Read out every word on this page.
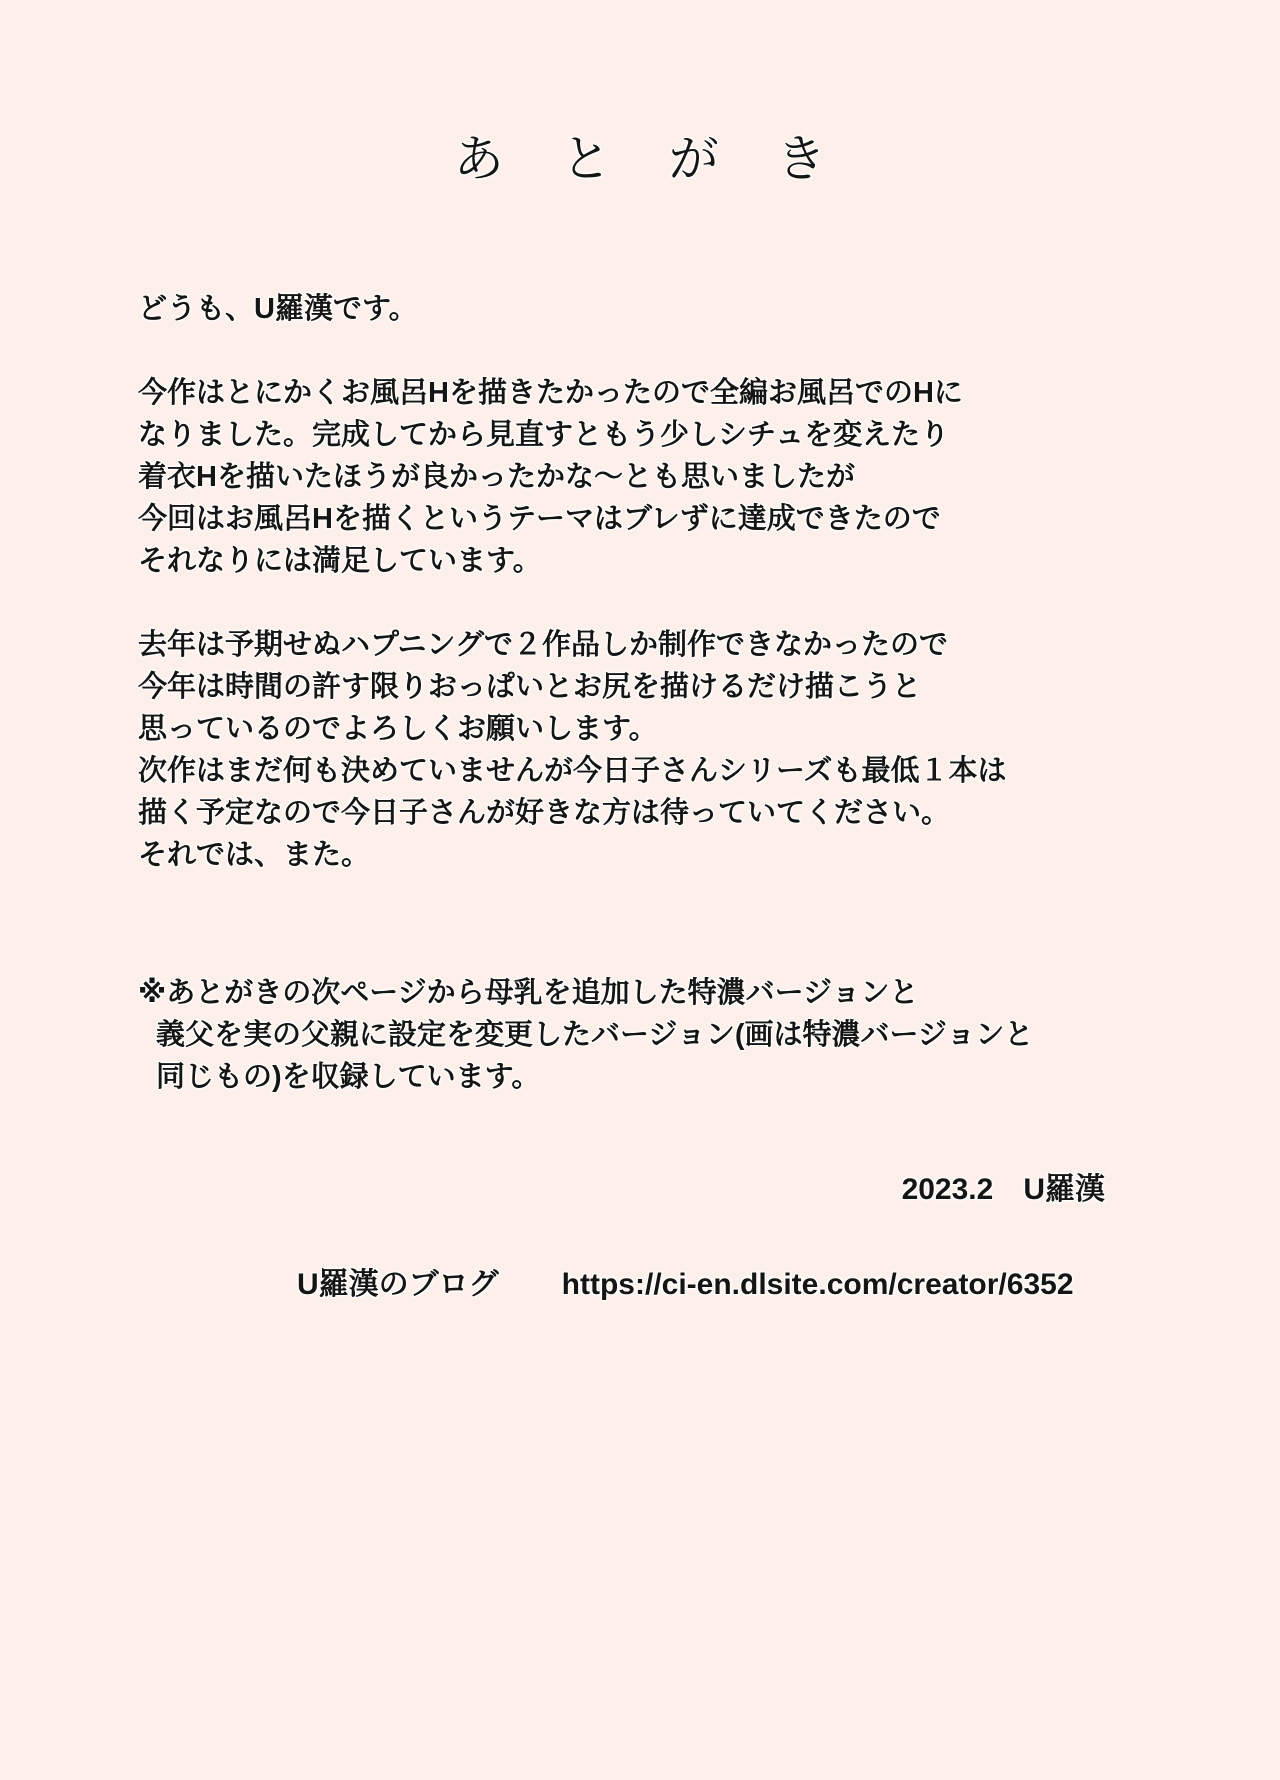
あとがき

どうも、U羅漢です。

今作はとにかくお風呂Hを描きたかったので全編お風呂でのHに

なりました。完成してから見直すともう少しシチュを変えたり

着衣Hを描いたほうが良かったかな〜とも思いましたが

今回はお風呂Hを描くというテーマはブレずに達成できたので

それなりには満足しています。

去年は予期せぬハプニングで２作品しか制作できなかったので

今年は時間の許す限りおっぱいとお尻を描けるだけ描こうと

思っているのでよろしくお願いします。

次作はまだ何も決めていませんが今日子さんシリーズも最低１本は

描く予定なので今日子さんが好きな方は待っていてください。

それでは、また。

※あとがきの次ページから母乳を追加した特濃バージョンと

義父を実の父親に設定を変更したバージョン(画は特濃バージョンと

同じもの)を収録しています。

2023.2　U羅漢
U羅漢のブログ https://ci-en.dlsite.com/creator/6352
